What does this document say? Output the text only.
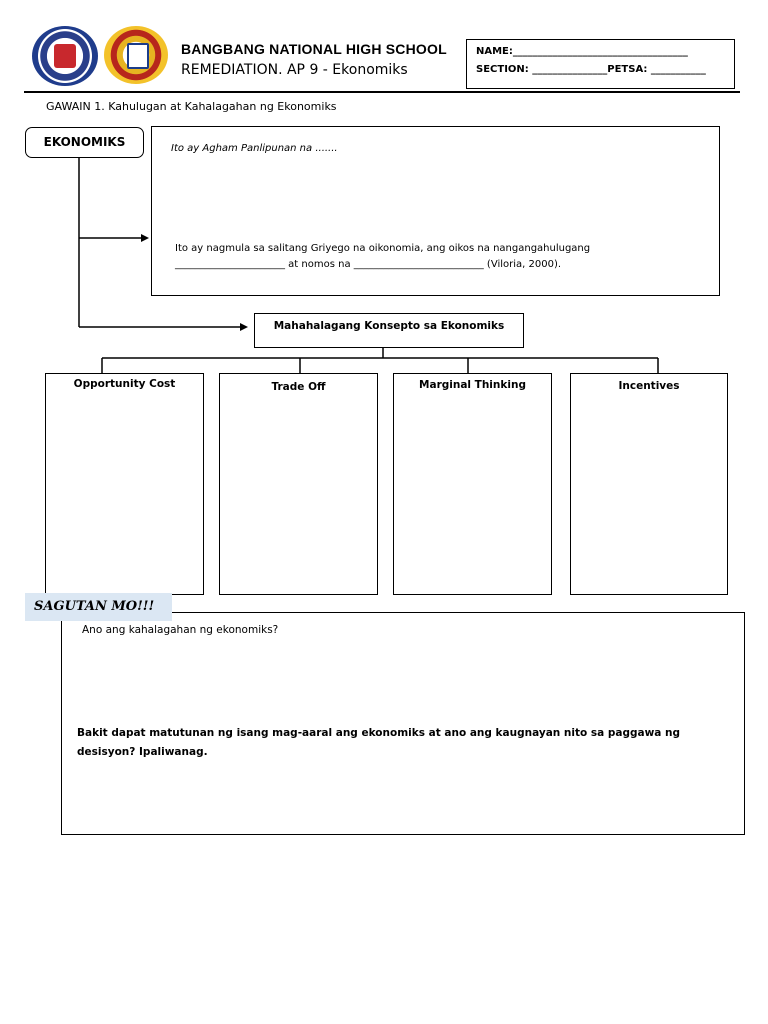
BANGBANG NATIONAL HIGH SCHOOL
REMEDIATION. AP 9 - Ekonomiks
NAME:___________________________________
SECTION: _______________PETSA: ___________
GAWAIN 1. Kahulugan at Kahalagahan ng Ekonomiks
EKONOMIKS	Ito ay Agham Panlipunan na .......
Ito ay nagmula sa salitang Griyego na oikonomia, ang oikos na nangangahulugang ______________________ at nomos na __________________________ (Viloria, 2000).
Mahahalagang Konsepto sa Ekonomiks
Opportunity Cost	Trade Off	Marginal Thinking	Incentives
Ano ang kahalagahan ng ekonomiks?
Bakit dapat matutunan ng isang mag-aaral ang ekonomiks at ano ang kaugnayan nito sa paggawa ng desisyon? Ipaliwanag.
SAGUTAN MO!!!
